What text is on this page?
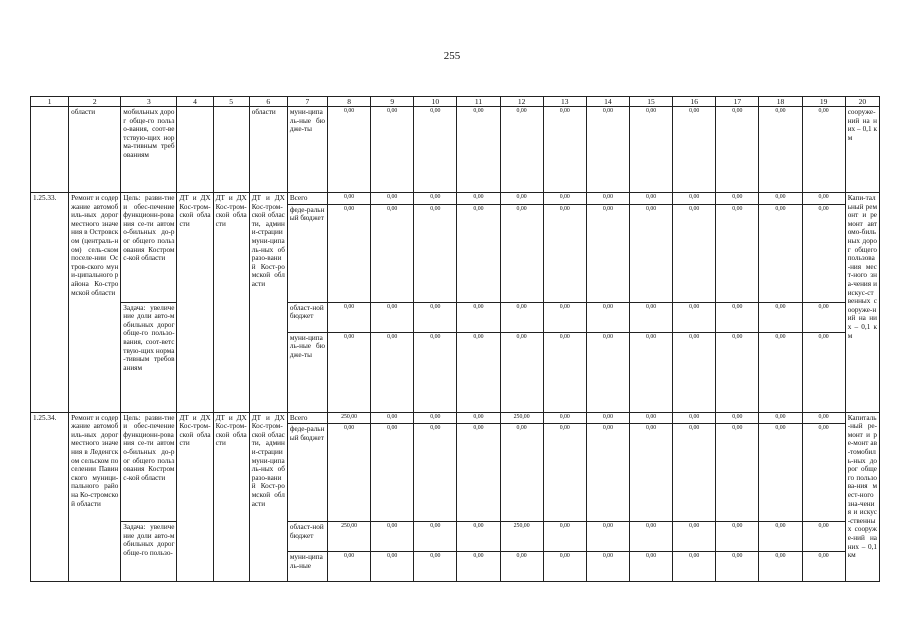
255
1	2	3	4	5	6	7	8	9	10	11	12	13	14	15	16	17	18	19	20
	области	мобильных дорог обще-го пользо-вания, соот-ветствую-щих норма-тивным требованиям			области	муни-ципаль-ные бюдже-ты	0,00	0,00	0,00	0,00	0,00	0,00	0,00	0,00	0,00	0,00	0,00	0,00	сооруже-ний на них – 0,1 км
1.25.33.	Ремонт и содержание автомобиль-ных дорог местного значения в Островском (централь-ном) сель-ском поселе-нии Остров-ского муни-ципального района Ко-стромской области	Цель: разви-тие и обес-печение функционн-рования се-ти автомо-бильных до-рог общего пользования Костромс-кой области	ДТ и ДХ Кос-тром-ской области	ДТ и ДХ Кос-тром-ской области	ДТ и ДХ Кос-тром-ской области, админи-страции муни-ципаль-ных образо-ваний Кост-ромской области	Всего	0,00	0,00	0,00	0,00	0,00	0,00	0,00	0,00	0,00	0,00	0,00	0,00	Капи-тальный ремонт и ремонт автомо-бильных дорог общего пользова-ния мест-ного зна-чения и искус-ственных сооруже-ний на них – 0,1 км
						феде-ральный бюджет	0,00	0,00	0,00	0,00	0,00	0,00	0,00	0,00	0,00	0,00	0,00	0,00	
		Задача: увеличение доли авто-мобильных дорог обще-го пользо-вания, соот-ветствую-щих норма-тивным требованиям				област-ной бюджет	0,00	0,00	0,00	0,00	0,00	0,00	0,00	0,00	0,00	0,00	0,00	0,00	
						муни-ципаль-ные бюдже-ты	0,00	0,00	0,00	0,00	0,00	0,00	0,00	0,00	0,00	0,00	0,00	0,00	
1.25.34.	Ремонт и содержание автомобиль-ных дорог местного значения в Леденгском сельском поселении Павинского муници-пального района Ко-стромской области	Цель: разви-тие и обес-печение функционн-рования се-ти автомо-бильных до-рог общего пользования Костромс-кой области	ДТ и ДХ Кос-тром-ской области	ДТ и ДХ Кос-тром-ской области	ДТ и ДХ Кос-тром-ской области, админи-страции муни-ципаль-ных образо-ваний Кост-ромской области	Всего	250,00	0,00	0,00	0,00	250,00	0,00	0,00	0,00	0,00	0,00	0,00	0,00	Капиталь-ный ре-монт и ре-монт ав-томобиль-ных дорог общего пользова-ния мест-ного зна-чения и искус-ственных сооруже-ний на них – 0,1 км
						феде-ральный бюджет	0,00	0,00	0,00	0,00	0,00	0,00	0,00	0,00	0,00	0,00	0,00	0,00	
		Задача: увеличение доли авто-мобильных дорог обще-го пользо-				област-ной бюджет	250,00	0,00	0,00	0,00	250,00	0,00	0,00	0,00	0,00	0,00	0,00	0,00	
						муни-ципаль-ные	0,00	0,00	0,00	0,00	0,00	0,00	0,00	0,00	0,00	0,00	0,00	0,00	
